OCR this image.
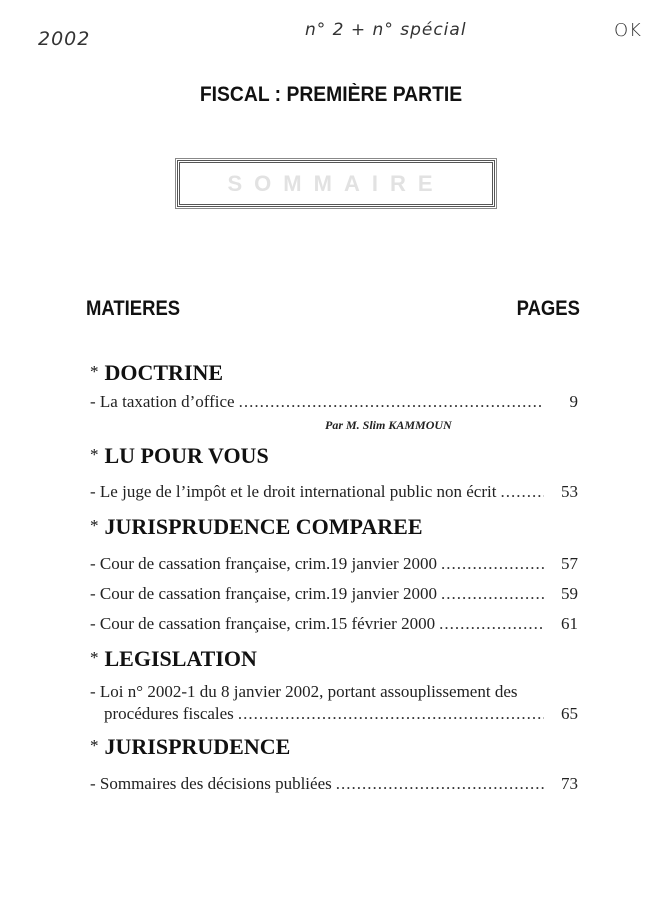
2002	n° 2 + n° spécial	OK
FISCAL : PREMIÈRE PARTIE
SOMMAIRE
MATIERES	PAGES
* DOCTRINE
- La taxation d’office .....	9
Par M. Slim KAMMOUN
* LU POUR VOUS
- Le juge de l’impôt et le droit international public non écrit .....	53
* JURISPRUDENCE COMPAREE
- Cour de cassation française, crim.19 janvier 2000 .....	57
- Cour de cassation française, crim.19 janvier 2000 .....	59
- Cour de cassation française, crim.15 février 2000 .....	61
* LEGISLATION
- Loi n° 2002-1 du 8 janvier 2002, portant assouplissement des
procédures fiscales .....	65
* JURISPRUDENCE
- Sommaires des décisions publiées .....	73
